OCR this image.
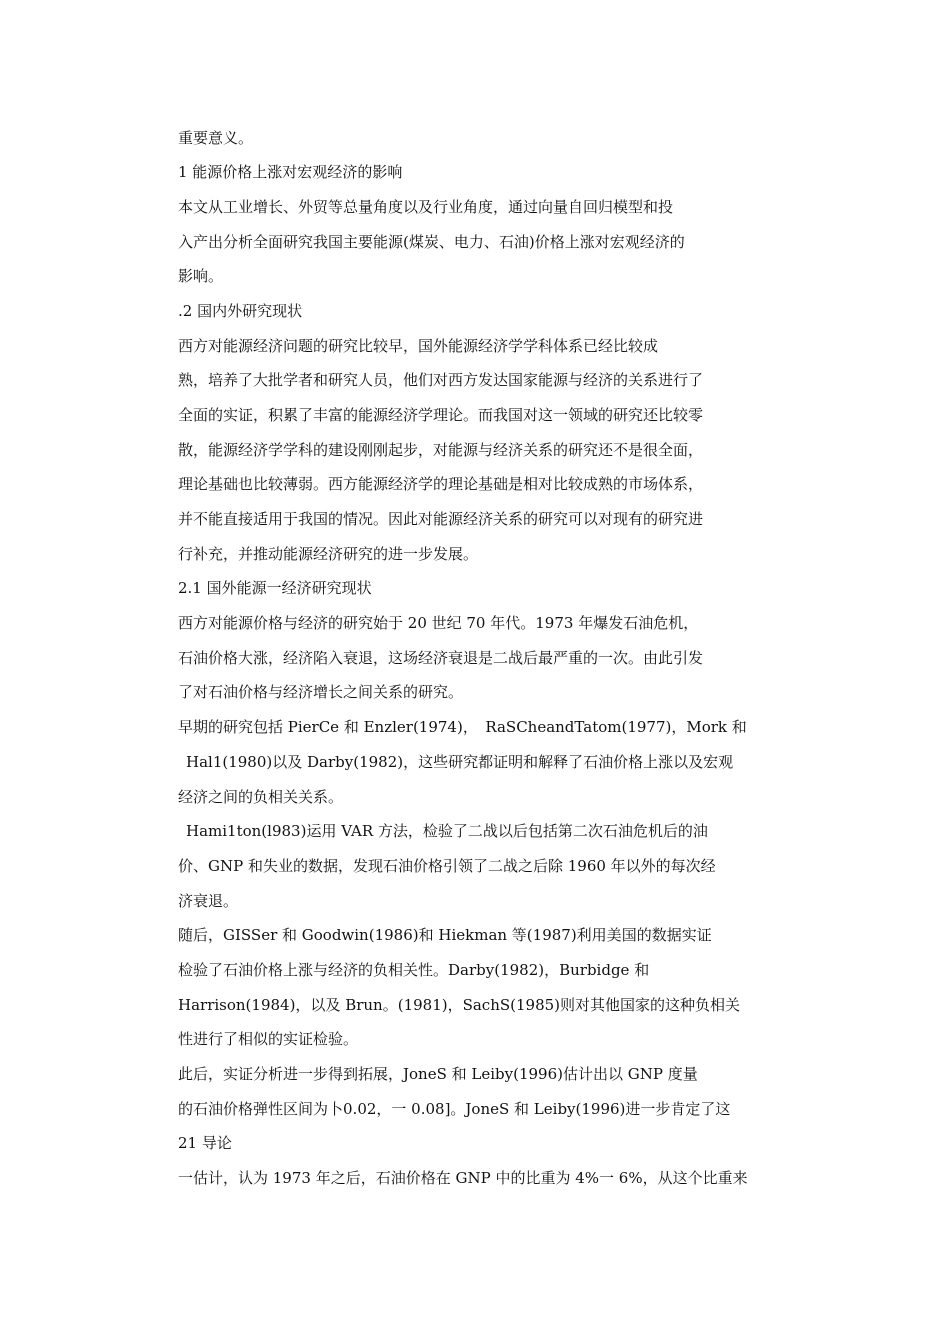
重要意义。
1 能源价格上涨对宏观经济的影响
本文从工业增长、外贸等总量角度以及行业角度，通过向量自回归模型和投
入产出分析全面研究我国主要能源(煤炭、电力、石油)价格上涨对宏观经济的
影响。
.2 国内外研究现状
西方对能源经济问题的研究比较早，国外能源经济学学科体系已经比较成
熟，培养了大批学者和研究人员，他们对西方发达国家能源与经济的关系进行了
全面的实证，积累了丰富的能源经济学理论。而我国对这一领域的研究还比较零
散，能源经济学学科的建设刚刚起步，对能源与经济关系的研究还不是很全面，
理论基础也比较薄弱。西方能源经济学的理论基础是相对比较成熟的市场体系，
并不能直接适用于我国的情况。因此对能源经济关系的研究可以对现有的研究进
行补充，并推动能源经济研究的进一步发展。
2.1 国外能源一经济研究现状
西方对能源价格与经济的研究始于 20 世纪 70 年代。1973 年爆发石油危机，
石油价格大涨，经济陷入衰退，这场经济衰退是二战后最严重的一次。由此引发
了对石油价格与经济增长之间关系的研究。
早期的研究包括 PierCe 和 Enzler(1974)，　RaSCheandTatom(1977)，Mork 和
Hal1(1980)以及 Darby(1982)，这些研究都证明和解释了石油价格上涨以及宏观
经济之间的负相关关系。
Hami1ton(l983)运用 VAR 方法，检验了二战以后包括第二次石油危机后的油
价、GNP 和失业的数据，发现石油价格引领了二战之后除 1960 年以外的每次经
济衰退。
随后，GISSer 和 Goodwin(1986)和 Hiekman 等(1987)利用美国的数据实证
检验了石油价格上涨与经济的负相关性。Darby(1982)，Burbidge 和
Harrison(1984)，以及 Brun。(1981)，SachS(1985)则对其他国家的这种负相关
性进行了相似的实证检验。
此后，实证分析进一步得到拓展，JoneS 和 Leiby(1996)估计出以 GNP 度量
的石油价格弹性区间为卜0.02，一 0.08]。JoneS 和 Leiby(1996)进一步肯定了这
21 导论
一估计，认为 1973 年之后，石油价格在 GNP 中的比重为 4%一 6%，从这个比重来
